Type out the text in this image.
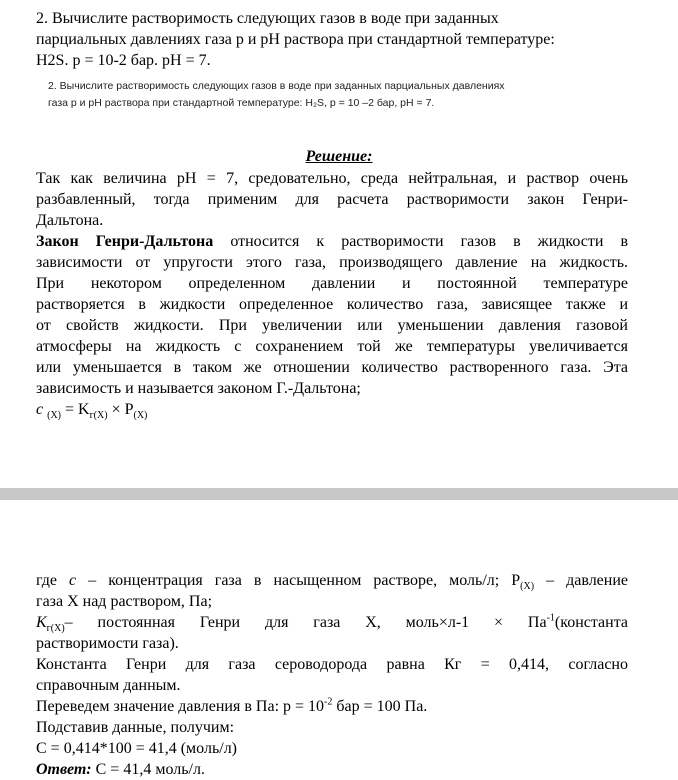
2. Вычислите растворимость следующих газов в воде при заданных
парциальных давлениях газа р и pH раствора при стандартной температуре:
H2S. p = 10-2 бар. pH = 7.
2. Вычислите растворимость следующих газов в воде при заданных парциальных давлениях
газа р и рН раствора при стандартной температуре: H₂S, p = 10 –2 бар, pH = 7.
Решение:
Так как величина pH = 7, средовательно, среда нейтральная, и раствор очень
разбавленный, тогда применим для расчета растворимости закон Генри-
Дальтона.
Закон Генри-Дальтона относится к растворимости газов в жидкости в
зависимости от упругости этого газа, производящего давление на жидкость.
При некотором определенном давлении и постоянной температуре
растворяется в жидкости определенное количество газа, зависящее также и
от свойств жидкости. При увеличении или уменьшении давления газовой
атмосферы на жидкость с сохранением той же температуры увеличивается
или уменьшается в таком же отношении количество растворенного газа. Эта
зависимость и называется законом Г.-Дальтона;
c $_{(X)} = K_{г(X)} \times P_{(X)}$
где c – концентрация газа в насыщенном растворе, моль/л; $P_{(X)}$ – давление
газа X над раствором, Па;
$K_{г(X)}-$ постоянная Генри для газа X, моль×л-1 × $Па^{-1}(константа$
растворимости газа).
Константа Генри для газа сероводорода равна Кг = 0,414, согласно
справочным данным.
Переведем значение давления в Па: $p = 10^{-2}$ бар = 100 Па.
Подставив данные, получим:
C = 0,414*100 = 41,4 (моль/л)
Ответ: C = 41,4 моль/л.
